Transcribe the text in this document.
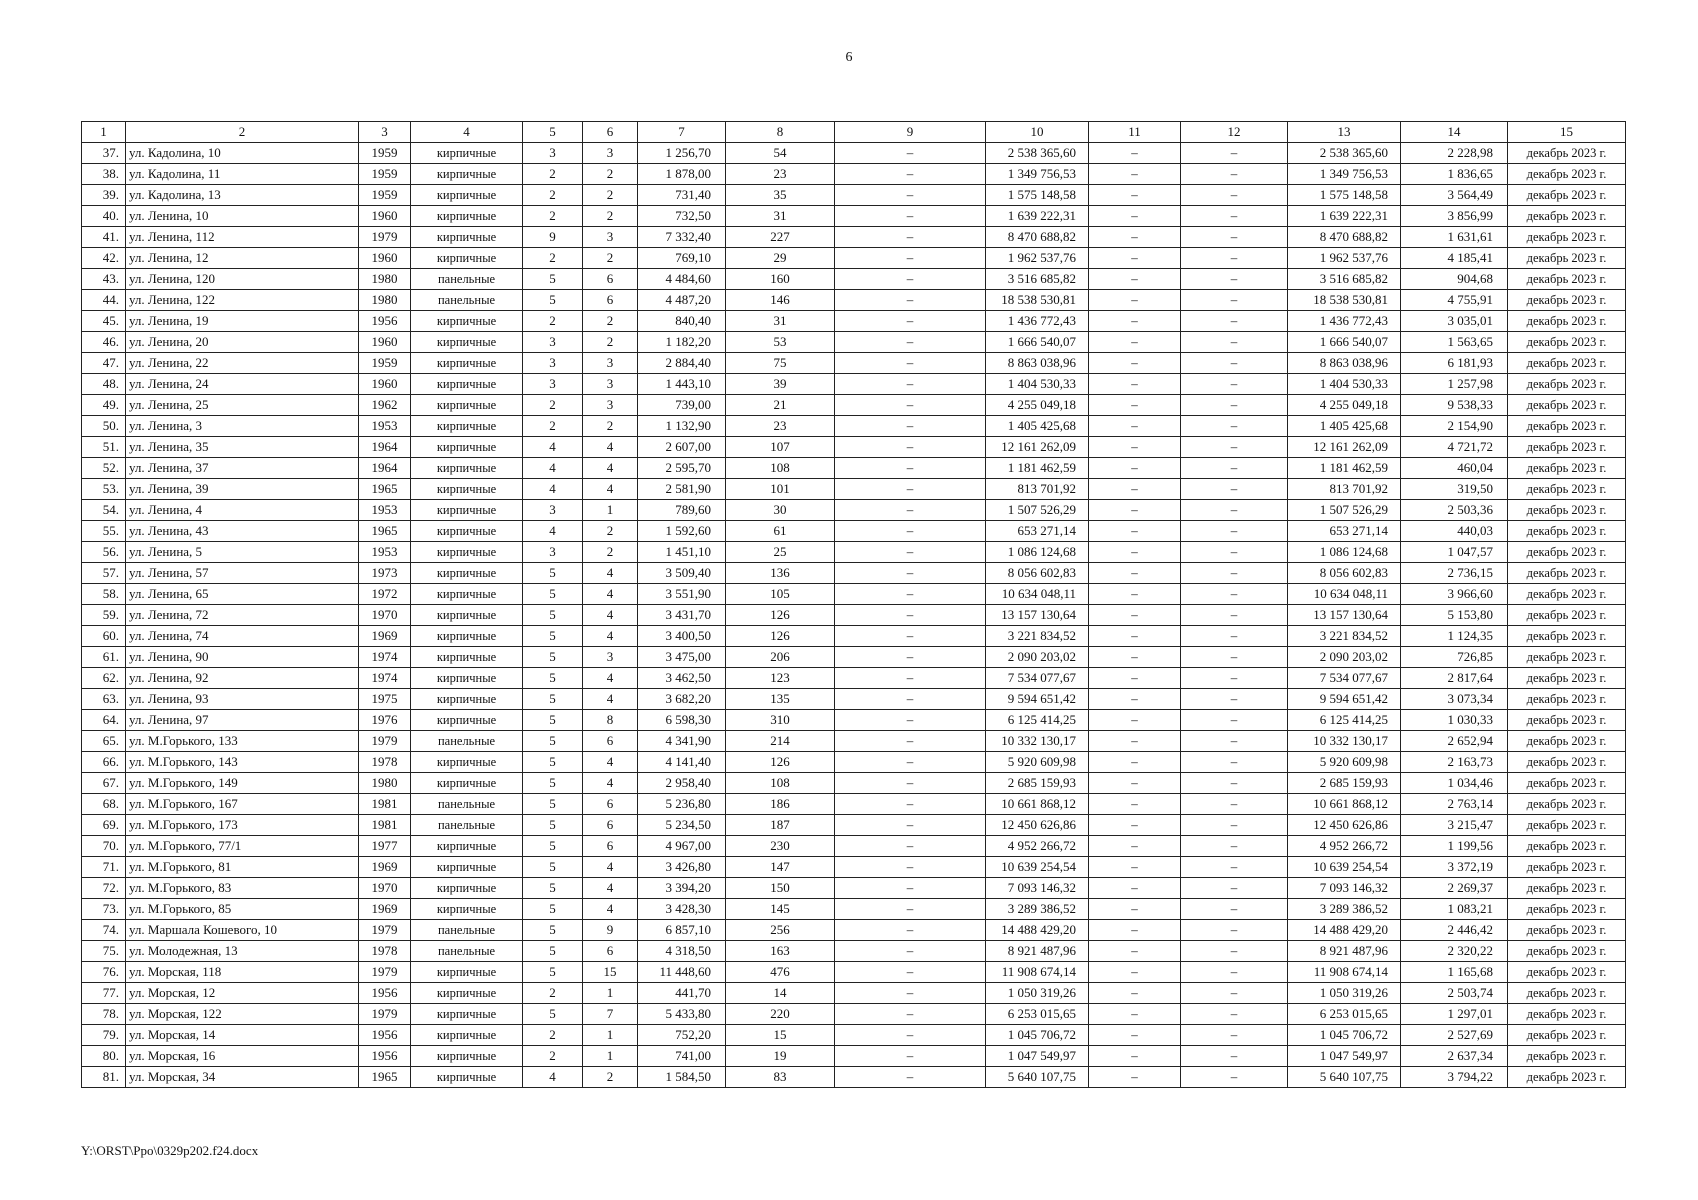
6
1	2	3	4	5	6	7	8	9	10	11	12	13	14	15
37.	ул. Кадолина, 10	1959	кирпичные	3	3	1 256,70	54	–	2 538 365,60	–	–	2 538 365,60	2 228,98	декабрь 2023 г.
38.	ул. Кадолина, 11	1959	кирпичные	2	2	1 878,00	23	–	1 349 756,53	–	–	1 349 756,53	1 836,65	декабрь 2023 г.
39.	ул. Кадолина, 13	1959	кирпичные	2	2	731,40	35	–	1 575 148,58	–	–	1 575 148,58	3 564,49	декабрь 2023 г.
40.	ул. Ленина, 10	1960	кирпичные	2	2	732,50	31	–	1 639 222,31	–	–	1 639 222,31	3 856,99	декабрь 2023 г.
41.	ул. Ленина, 112	1979	кирпичные	9	3	7 332,40	227	–	8 470 688,82	–	–	8 470 688,82	1 631,61	декабрь 2023 г.
42.	ул. Ленина, 12	1960	кирпичные	2	2	769,10	29	–	1 962 537,76	–	–	1 962 537,76	4 185,41	декабрь 2023 г.
43.	ул. Ленина, 120	1980	панельные	5	6	4 484,60	160	–	3 516 685,82	–	–	3 516 685,82	904,68	декабрь 2023 г.
44.	ул. Ленина, 122	1980	панельные	5	6	4 487,20	146	–	18 538 530,81	–	–	18 538 530,81	4 755,91	декабрь 2023 г.
45.	ул. Ленина, 19	1956	кирпичные	2	2	840,40	31	–	1 436 772,43	–	–	1 436 772,43	3 035,01	декабрь 2023 г.
46.	ул. Ленина, 20	1960	кирпичные	3	2	1 182,20	53	–	1 666 540,07	–	–	1 666 540,07	1 563,65	декабрь 2023 г.
47.	ул. Ленина, 22	1959	кирпичные	3	3	2 884,40	75	–	8 863 038,96	–	–	8 863 038,96	6 181,93	декабрь 2023 г.
48.	ул. Ленина, 24	1960	кирпичные	3	3	1 443,10	39	–	1 404 530,33	–	–	1 404 530,33	1 257,98	декабрь 2023 г.
49.	ул. Ленина, 25	1962	кирпичные	2	3	739,00	21	–	4 255 049,18	–	–	4 255 049,18	9 538,33	декабрь 2023 г.
50.	ул. Ленина, 3	1953	кирпичные	2	2	1 132,90	23	–	1 405 425,68	–	–	1 405 425,68	2 154,90	декабрь 2023 г.
51.	ул. Ленина, 35	1964	кирпичные	4	4	2 607,00	107	–	12 161 262,09	–	–	12 161 262,09	4 721,72	декабрь 2023 г.
52.	ул. Ленина, 37	1964	кирпичные	4	4	2 595,70	108	–	1 181 462,59	–	–	1 181 462,59	460,04	декабрь 2023 г.
53.	ул. Ленина, 39	1965	кирпичные	4	4	2 581,90	101	–	813 701,92	–	–	813 701,92	319,50	декабрь 2023 г.
54.	ул. Ленина, 4	1953	кирпичные	3	1	789,60	30	–	1 507 526,29	–	–	1 507 526,29	2 503,36	декабрь 2023 г.
55.	ул. Ленина, 43	1965	кирпичные	4	2	1 592,60	61	–	653 271,14	–	–	653 271,14	440,03	декабрь 2023 г.
56.	ул. Ленина, 5	1953	кирпичные	3	2	1 451,10	25	–	1 086 124,68	–	–	1 086 124,68	1 047,57	декабрь 2023 г.
57.	ул. Ленина, 57	1973	кирпичные	5	4	3 509,40	136	–	8 056 602,83	–	–	8 056 602,83	2 736,15	декабрь 2023 г.
58.	ул. Ленина, 65	1972	кирпичные	5	4	3 551,90	105	–	10 634 048,11	–	–	10 634 048,11	3 966,60	декабрь 2023 г.
59.	ул. Ленина, 72	1970	кирпичные	5	4	3 431,70	126	–	13 157 130,64	–	–	13 157 130,64	5 153,80	декабрь 2023 г.
60.	ул. Ленина, 74	1969	кирпичные	5	4	3 400,50	126	–	3 221 834,52	–	–	3 221 834,52	1 124,35	декабрь 2023 г.
61.	ул. Ленина, 90	1974	кирпичные	5	3	3 475,00	206	–	2 090 203,02	–	–	2 090 203,02	726,85	декабрь 2023 г.
62.	ул. Ленина, 92	1974	кирпичные	5	4	3 462,50	123	–	7 534 077,67	–	–	7 534 077,67	2 817,64	декабрь 2023 г.
63.	ул. Ленина, 93	1975	кирпичные	5	4	3 682,20	135	–	9 594 651,42	–	–	9 594 651,42	3 073,34	декабрь 2023 г.
64.	ул. Ленина, 97	1976	кирпичные	5	8	6 598,30	310	–	6 125 414,25	–	–	6 125 414,25	1 030,33	декабрь 2023 г.
65.	ул. М.Горького, 133	1979	панельные	5	6	4 341,90	214	–	10 332 130,17	–	–	10 332 130,17	2 652,94	декабрь 2023 г.
66.	ул. М.Горького, 143	1978	кирпичные	5	4	4 141,40	126	–	5 920 609,98	–	–	5 920 609,98	2 163,73	декабрь 2023 г.
67.	ул. М.Горького, 149	1980	кирпичные	5	4	2 958,40	108	–	2 685 159,93	–	–	2 685 159,93	1 034,46	декабрь 2023 г.
68.	ул. М.Горького, 167	1981	панельные	5	6	5 236,80	186	–	10 661 868,12	–	–	10 661 868,12	2 763,14	декабрь 2023 г.
69.	ул. М.Горького, 173	1981	панельные	5	6	5 234,50	187	–	12 450 626,86	–	–	12 450 626,86	3 215,47	декабрь 2023 г.
70.	ул. М.Горького, 77/1	1977	кирпичные	5	6	4 967,00	230	–	4 952 266,72	–	–	4 952 266,72	1 199,56	декабрь 2023 г.
71.	ул. М.Горького, 81	1969	кирпичные	5	4	3 426,80	147	–	10 639 254,54	–	–	10 639 254,54	3 372,19	декабрь 2023 г.
72.	ул. М.Горького, 83	1970	кирпичные	5	4	3 394,20	150	–	7 093 146,32	–	–	7 093 146,32	2 269,37	декабрь 2023 г.
73.	ул. М.Горького, 85	1969	кирпичные	5	4	3 428,30	145	–	3 289 386,52	–	–	3 289 386,52	1 083,21	декабрь 2023 г.
74.	ул. Маршала Кошевого, 10	1979	панельные	5	9	6 857,10	256	–	14 488 429,20	–	–	14 488 429,20	2 446,42	декабрь 2023 г.
75.	ул. Молодежная, 13	1978	панельные	5	6	4 318,50	163	–	8 921 487,96	–	–	8 921 487,96	2 320,22	декабрь 2023 г.
76.	ул. Морская, 118	1979	кирпичные	5	15	11 448,60	476	–	11 908 674,14	–	–	11 908 674,14	1 165,68	декабрь 2023 г.
77.	ул. Морская, 12	1956	кирпичные	2	1	441,70	14	–	1 050 319,26	–	–	1 050 319,26	2 503,74	декабрь 2023 г.
78.	ул. Морская, 122	1979	кирпичные	5	7	5 433,80	220	–	6 253 015,65	–	–	6 253 015,65	1 297,01	декабрь 2023 г.
79.	ул. Морская, 14	1956	кирпичные	2	1	752,20	15	–	1 045 706,72	–	–	1 045 706,72	2 527,69	декабрь 2023 г.
80.	ул. Морская, 16	1956	кирпичные	2	1	741,00	19	–	1 047 549,97	–	–	1 047 549,97	2 637,34	декабрь 2023 г.
81.	ул. Морская, 34	1965	кирпичные	4	2	1 584,50	83	–	5 640 107,75	–	–	5 640 107,75	3 794,22	декабрь 2023 г.
Y:\ORST\Ppo\0329p202.f24.docx
